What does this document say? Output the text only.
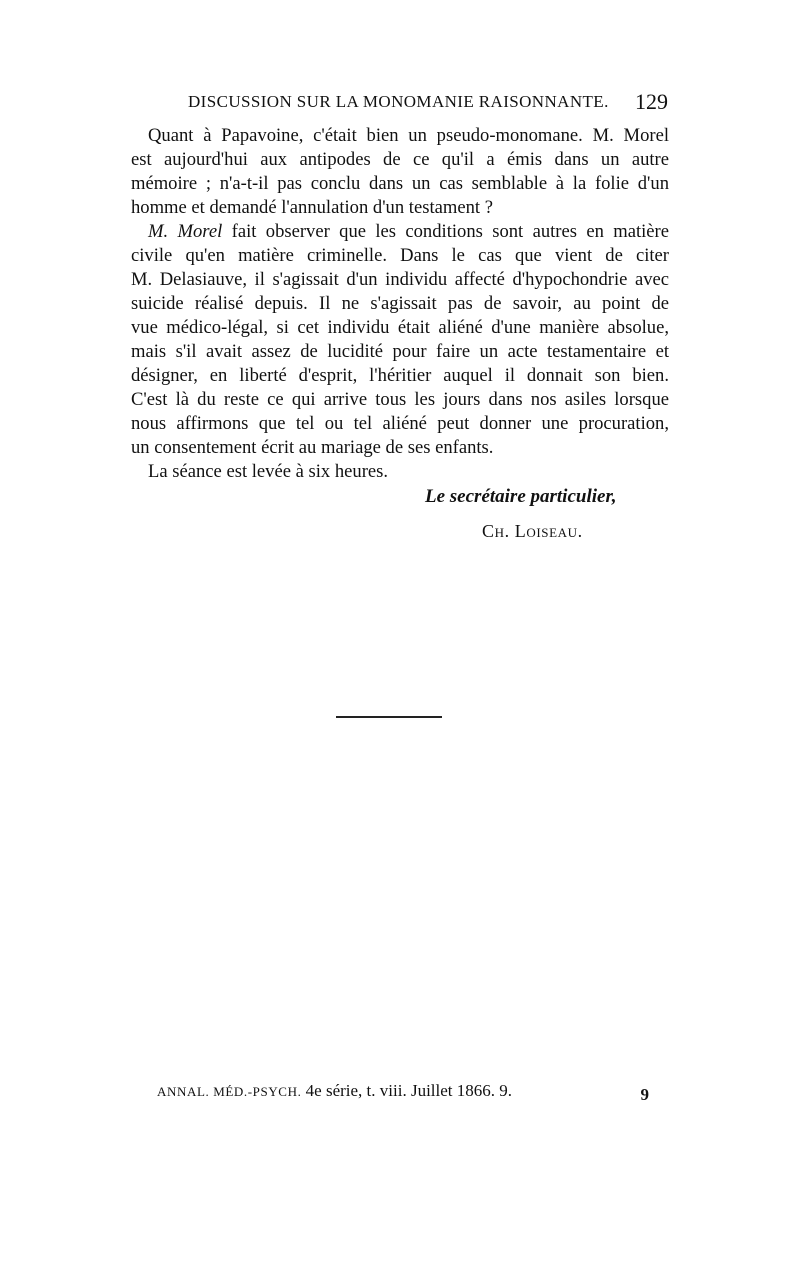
DISCUSSION SUR LA MONOMANIE RAISONNANTE. 129
Quant à Papavoine, c'était bien un pseudo-monomane. M. Morel
est aujourd'hui aux antipodes de ce qu'il a émis dans un autre
mémoire ; n'a-t-il pas conclu dans un cas semblable à la folie d'un
homme et demandé l'annulation d'un testament ?
M. Morel fait observer que les conditions sont autres en matière
civile qu'en matière criminelle. Dans le cas que vient de citer
M. Delasiauve, il s'agissait d'un individu affecté d'hypochondrie avec
suicide réalisé depuis. Il ne s'agissait pas de savoir, au point de
vue médico-légal, si cet individu était aliéné d'une manière absolue,
mais s'il avait assez de lucidité pour faire un acte testamentaire et
désigner, en liberté d'esprit, l'héritier auquel il donnait son bien.
C'est là du reste ce qui arrive tous les jours dans nos asiles lorsque
nous affirmons que tel ou tel aliéné peut donner une procuration,
un consentement écrit au mariage de ses enfants.
La séance est levée à six heures.
Le secrétaire particulier,
Ch. Loiseau.
ANNAL. MÉD.-PSYCH. 4e série, t. viii. Juillet 1866. 9.	9
